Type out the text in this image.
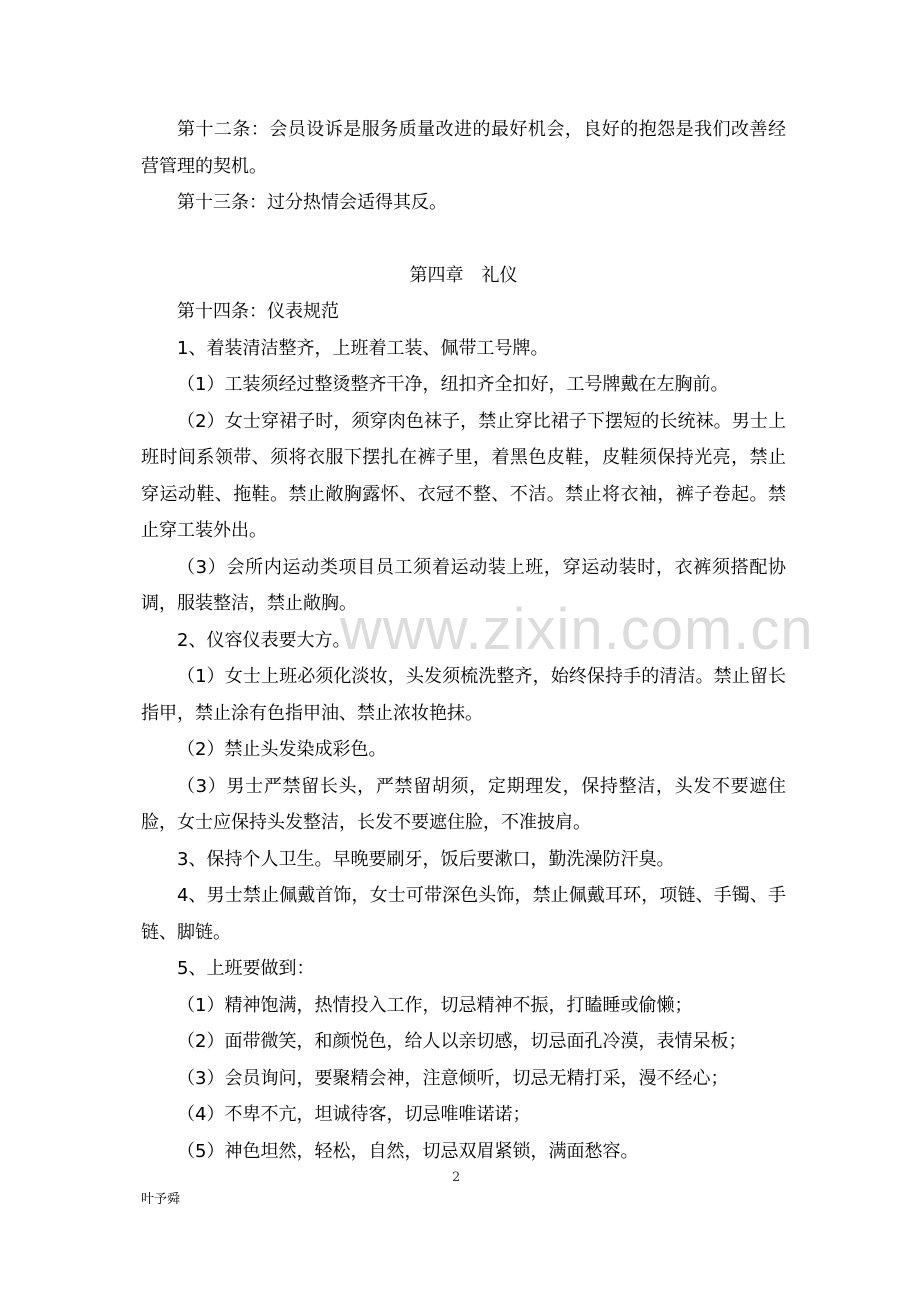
www.zixin.com.cn

第十二条：会员设诉是服务质量改进的最好机会，良好的抱怨是我们改善经营管理的契机。

第十三条：过分热情会适得其反。

第四章　礼仪

第十四条：仪表规范

1、着装清洁整齐，上班着工装、佩带工号牌。

（1）工装须经过整烫整齐干净，纽扣齐全扣好，工号牌戴在左胸前。

（2）女士穿裙子时，须穿肉色袜子，禁止穿比裙子下摆短的长统袜。男士上班时间系领带、须将衣服下摆扎在裤子里，着黑色皮鞋，皮鞋须保持光亮，禁止穿运动鞋、拖鞋。禁止敞胸露怀、衣冠不整、不洁。禁止将衣袖，裤子卷起。禁止穿工装外出。

（3）会所内运动类项目员工须着运动装上班，穿运动装时，衣裤须搭配协调，服装整洁，禁止敞胸。

2、仪容仪表要大方。

（1）女士上班必须化淡妆，头发须梳洗整齐，始终保持手的清洁。禁止留长指甲，禁止涂有色指甲油、禁止浓妆艳抹。

（2）禁止头发染成彩色。

（3）男士严禁留长头，严禁留胡须，定期理发，保持整洁，头发不要遮住脸，女士应保持头发整洁，长发不要遮住脸，不准披肩。

3、保持个人卫生。早晚要刷牙，饭后要漱口，勤洗澡防汗臭。

4、男士禁止佩戴首饰，女士可带深色头饰，禁止佩戴耳环，项链、手镯、手链、脚链。

5、上班要做到：

（1）精神饱满，热情投入工作，切忌精神不振，打瞌睡或偷懒；

（2）面带微笑，和颜悦色，给人以亲切感，切忌面孔冷漠，表情呆板；

（3）会员询问，要聚精会神，注意倾听，切忌无精打采，漫不经心；

（4）不卑不亢，坦诚待客，切忌唯唯诺诺；

（5）神色坦然，轻松，自然，切忌双眉紧锁，满面愁容。

2
叶予舜
